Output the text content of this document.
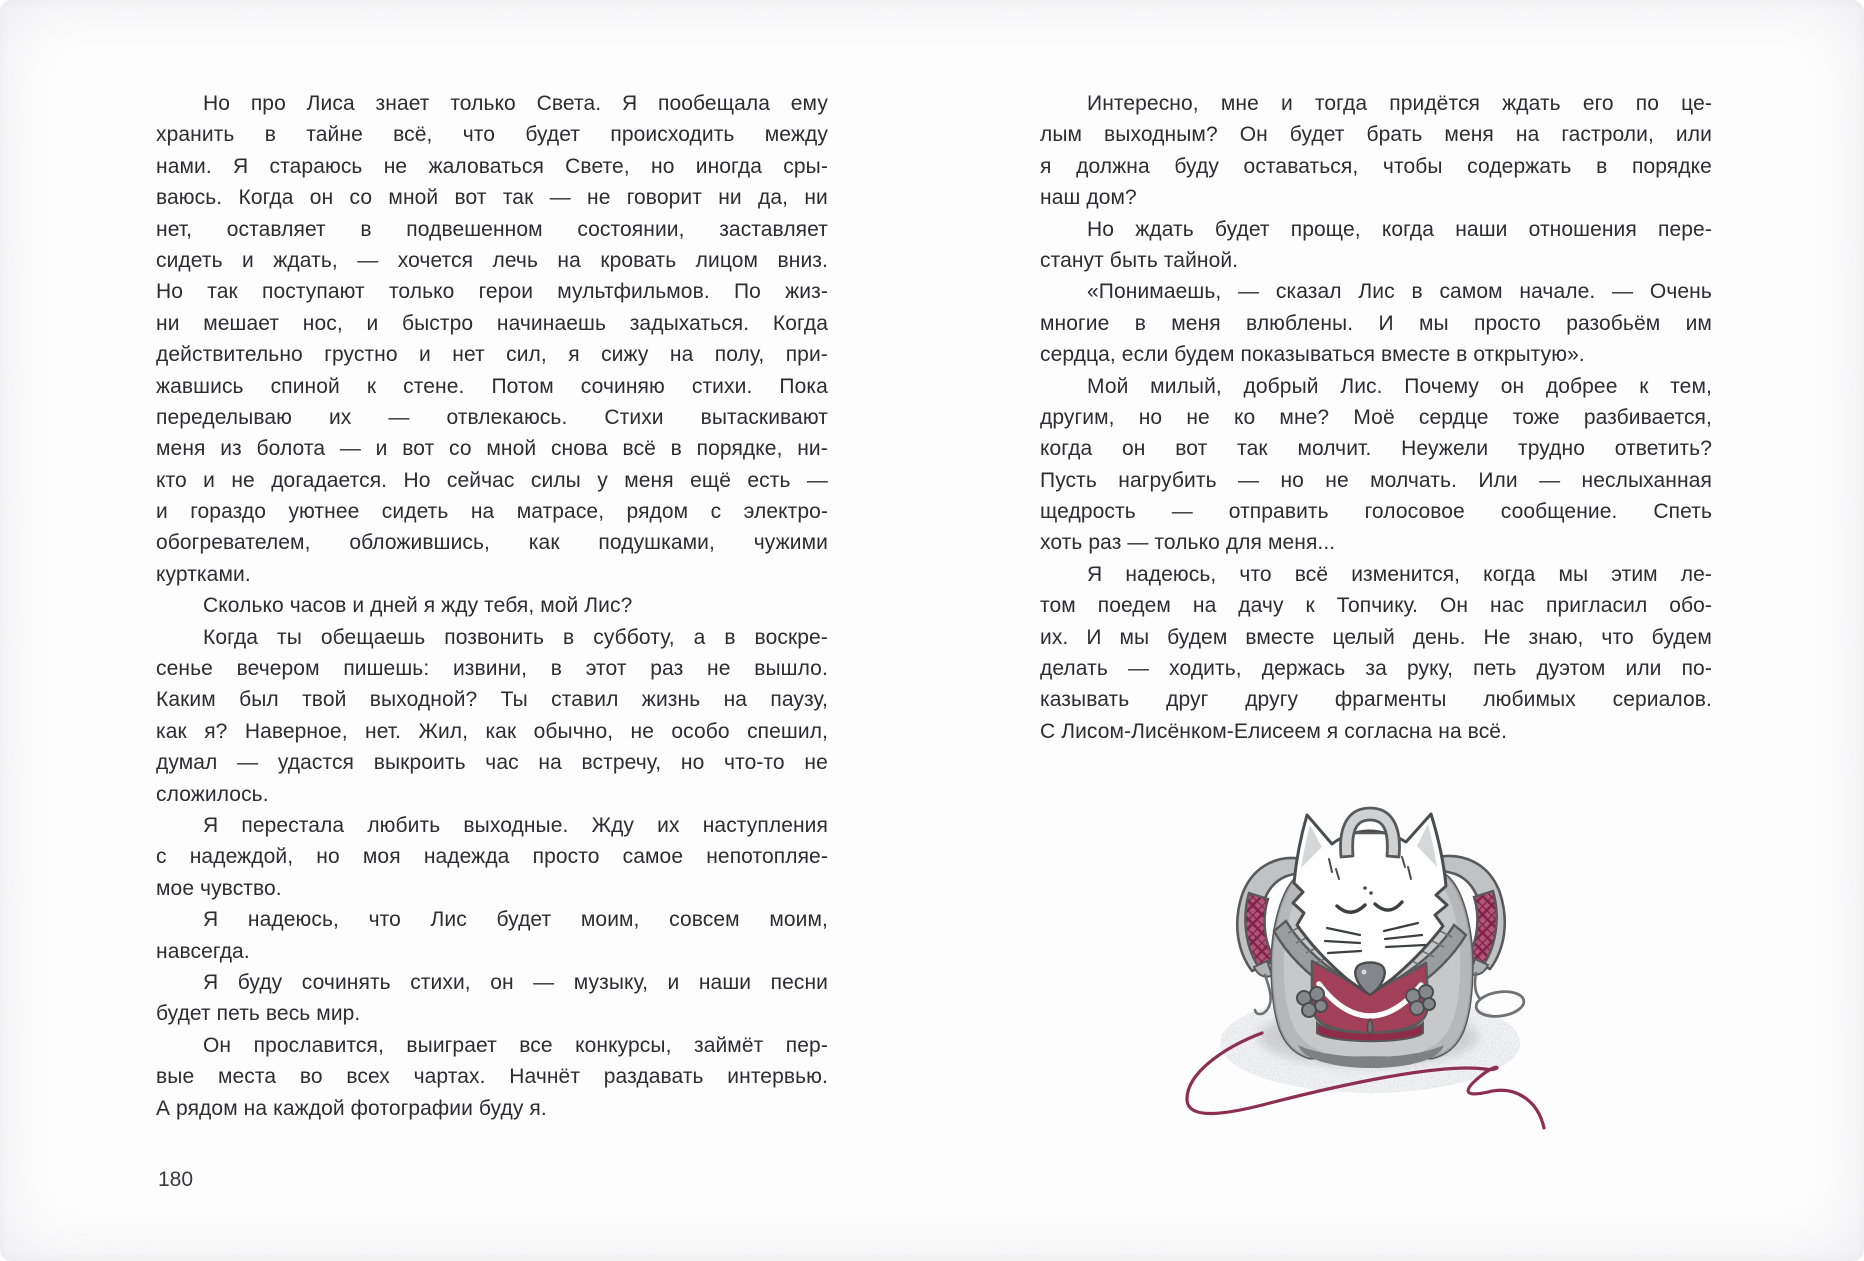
Но про Лиса знает только Света. Я пообещала ему
хранить в тайне всё, что будет происходить между
нами. Я стараюсь не жаловаться Свете, но иногда сры-
ваюсь. Когда он со мной вот так — не говорит ни да, ни
нет, оставляет в подвешенном состоянии, заставляет
сидеть и ждать, — хочется лечь на кровать лицом вниз.
Но так поступают только герои мультфильмов. По жиз-
ни мешает нос, и быстро начинаешь задыхаться. Когда
действительно грустно и нет сил, я сижу на полу, при-
жавшись спиной к стене. Потом сочиняю стихи. Пока
переделываю их — отвлекаюсь. Стихи вытаскивают
меня из болота — и вот со мной снова всё в порядке, ни-
кто и не догадается. Но сейчас силы у меня ещё есть —
и гораздо уютнее сидеть на матрасе, рядом с электро-
обогревателем, обложившись, как подушками, чужими
куртками.
Сколько часов и дней я жду тебя, мой Лис?
Когда ты обещаешь позвонить в субботу, а в воскре-
сенье вечером пишешь: извини, в этот раз не вышло.
Каким был твой выходной? Ты ставил жизнь на паузу,
как я? Наверное, нет. Жил, как обычно, не особо спешил,
думал — удастся выкроить час на встречу, но что-то не
сложилось.
Я перестала любить выходные. Жду их наступления
с надеждой, но моя надежда просто самое непотопляе-
мое чувство.
Я надеюсь, что Лис будет моим, совсем моим,
навсегда.
Я буду сочинять стихи, он — музыку, и наши песни
будет петь весь мир.
Он прославится, выиграет все конкурсы, займёт пер-
вые места во всех чартах. Начнёт раздавать интервью.
А рядом на каждой фотографии буду я.
Интересно, мне и тогда придётся ждать его по це-
лым выходным? Он будет брать меня на гастроли, или
я должна буду оставаться, чтобы содержать в порядке
наш дом?
Но ждать будет проще, когда наши отношения пере-
станут быть тайной.
«Понимаешь, — сказал Лис в самом начале. — Очень
многие в меня влюблены. И мы просто разобьём им
сердца, если будем показываться вместе в открытую».
Мой милый, добрый Лис. Почему он добрее к тем,
другим, но не ко мне? Моё сердце тоже разбивается,
когда он вот так молчит. Неужели трудно ответить?
Пусть нагрубить — но не молчать. Или — неслыханная
щедрость — отправить голосовое сообщение. Спеть
хоть раз — только для меня...
Я надеюсь, что всё изменится, когда мы этим ле-
том поедем на дачу к Топчику. Он нас пригласил обо-
их. И мы будем вместе целый день. Не знаю, что будем
делать — ходить, держась за руку, петь дуэтом или по-
казывать друг другу фрагменты любимых сериалов.
С Лисом-Лисёнком-Елисеем я согласна на всё.
180
